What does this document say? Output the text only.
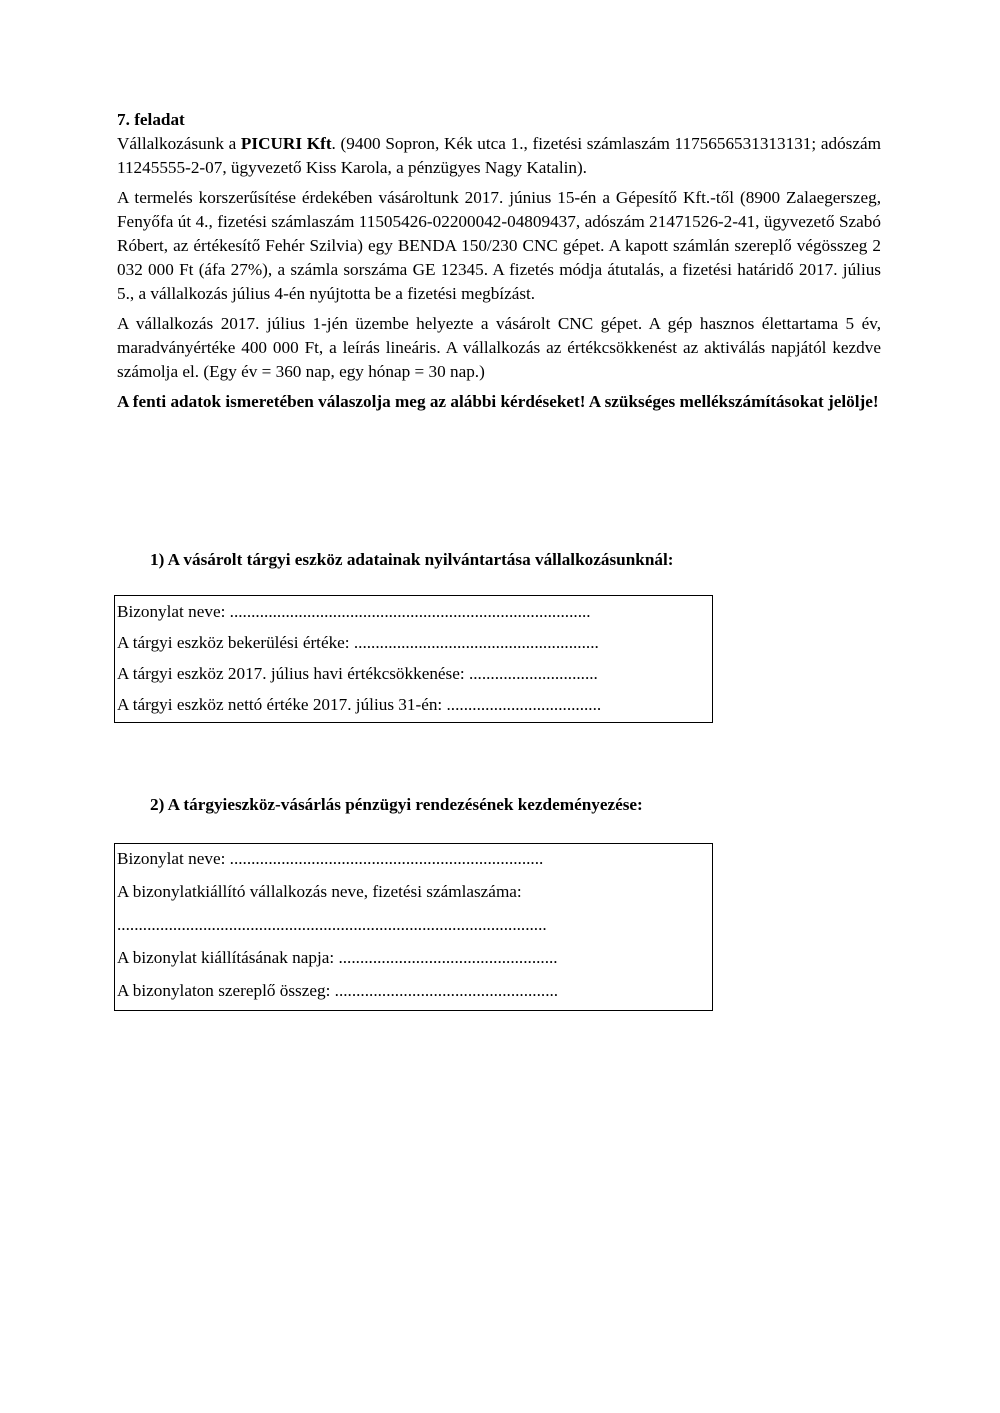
7. feladat

Vállalkozásunk a PICURI Kft. (9400 Sopron, Kék utca 1., fizetési számlaszám 1175656531313131; adószám 11245555-2-07, ügyvezető Kiss Karola, a pénzügyes Nagy Katalin).

A termelés korszerűsítése érdekében vásároltunk 2017. június 15-én a Gépesítő Kft.-től (8900 Zalaegerszeg, Fenyőfa út 4., fizetési számlaszám 11505426-02200042-04809437, adószám 21471526-2-41, ügyvezető Szabó Róbert, az értékesítő Fehér Szilvia) egy BENDA 150/230 CNC gépet. A kapott számlán szereplő végösszeg 2 032 000 Ft (áfa 27%), a számla sorszáma GE 12345. A fizetés módja átutalás, a fizetési határidő 2017. július 5., a vállalkozás július 4-én nyújtotta be a fizetési megbízást.

A vállalkozás 2017. július 1-jén üzembe helyezte a vásárolt CNC gépet. A gép hasznos élettartama 5 év, maradványértéke 400 000 Ft, a leírás lineáris. A vállalkozás az értékcsökkenést az aktiválás napjától kezdve számolja el. (Egy év = 360 nap, egy hónap = 30 nap.)

A fenti adatok ismeretében válaszolja meg az alábbi kérdéseket! A szükséges mellékszámításokat jelölje!

1) A vásárolt tárgyi eszköz adatainak nyilvántartása vállalkozásunknál:
Bizonylat neve: ....................................................................................
A tárgyi eszköz bekerülési értéke: .........................................................
A tárgyi eszköz 2017. július havi értékcsökkenése: ..............................
A tárgyi eszköz nettó értéke 2017. július 31-én: ....................................
2) A tárgyieszköz-vásárlás pénzügyi rendezésének kezdeményezése:
Bizonylat neve: .........................................................................
A bizonylatkiállító vállalkozás neve, fizetési számlaszáma:
....................................................................................................
A bizonylat kiállításának napja: ...................................................
A bizonylaton szereplő összeg: ....................................................
